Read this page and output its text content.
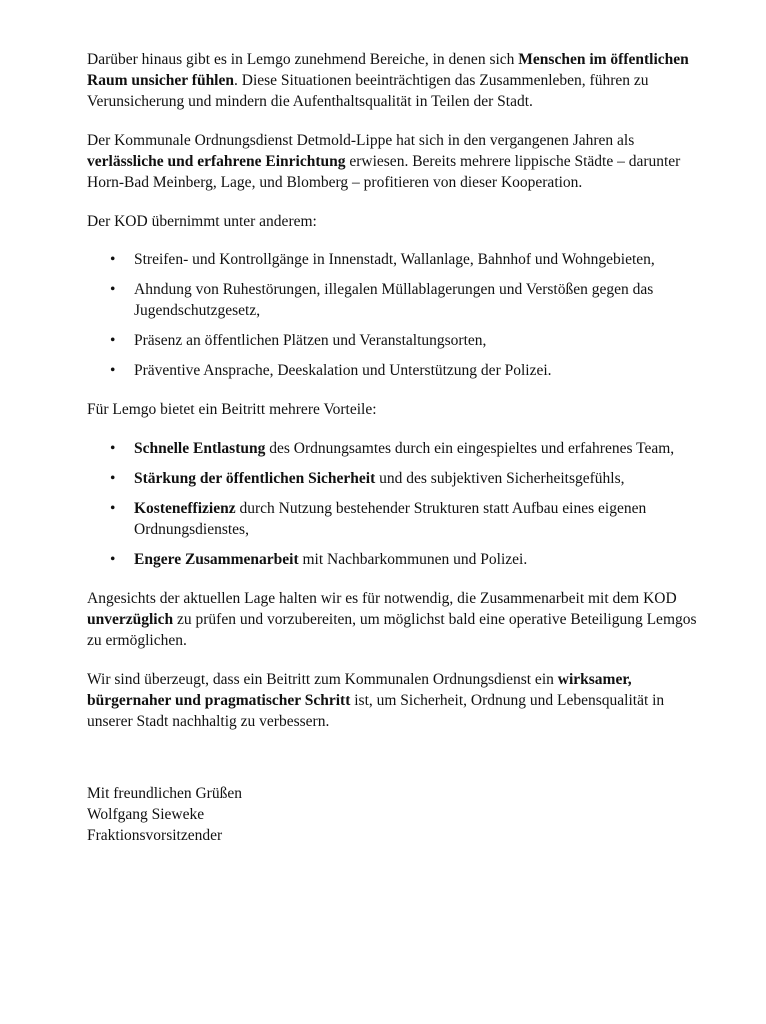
Darüber hinaus gibt es in Lemgo zunehmend Bereiche, in denen sich Menschen im öffentlichen Raum unsicher fühlen. Diese Situationen beeinträchtigen das Zusammenleben, führen zu Verunsicherung und mindern die Aufenthaltsqualität in Teilen der Stadt.

Der Kommunale Ordnungsdienst Detmold-Lippe hat sich in den vergangenen Jahren als verlässliche und erfahrene Einrichtung erwiesen. Bereits mehrere lippische Städte – darunter Horn-Bad Meinberg, Lage, und Blomberg – profitieren von dieser Kooperation.

Der KOD übernimmt unter anderem:

• Streifen- und Kontrollgänge in Innenstadt, Wallanlage, Bahnhof und Wohngebieten,
• Ahndung von Ruhestörungen, illegalen Müllablagerungen und Verstößen gegen das Jugendschutzgesetz,
• Präsenz an öffentlichen Plätzen und Veranstaltungsorten,
• Präventive Ansprache, Deeskalation und Unterstützung der Polizei.

Für Lemgo bietet ein Beitritt mehrere Vorteile:

• Schnelle Entlastung des Ordnungsamtes durch ein eingespieltes und erfahrenes Team,
• Stärkung der öffentlichen Sicherheit und des subjektiven Sicherheitsgefühls,
• Kosteneffizienz durch Nutzung bestehender Strukturen statt Aufbau eines eigenen Ordnungsdienstes,
• Engere Zusammenarbeit mit Nachbarkommunen und Polizei.

Angesichts der aktuellen Lage halten wir es für notwendig, die Zusammenarbeit mit dem KOD unverzüglich zu prüfen und vorzubereiten, um möglichst bald eine operative Beteiligung Lemgos zu ermöglichen.

Wir sind überzeugt, dass ein Beitritt zum Kommunalen Ordnungsdienst ein wirksamer, bürgernaher und pragmatischer Schritt ist, um Sicherheit, Ordnung und Lebensqualität in unserer Stadt nachhaltig zu verbessern.

Mit freundlichen Grüßen
Wolfgang Sieweke
Fraktionsvorsitzender
